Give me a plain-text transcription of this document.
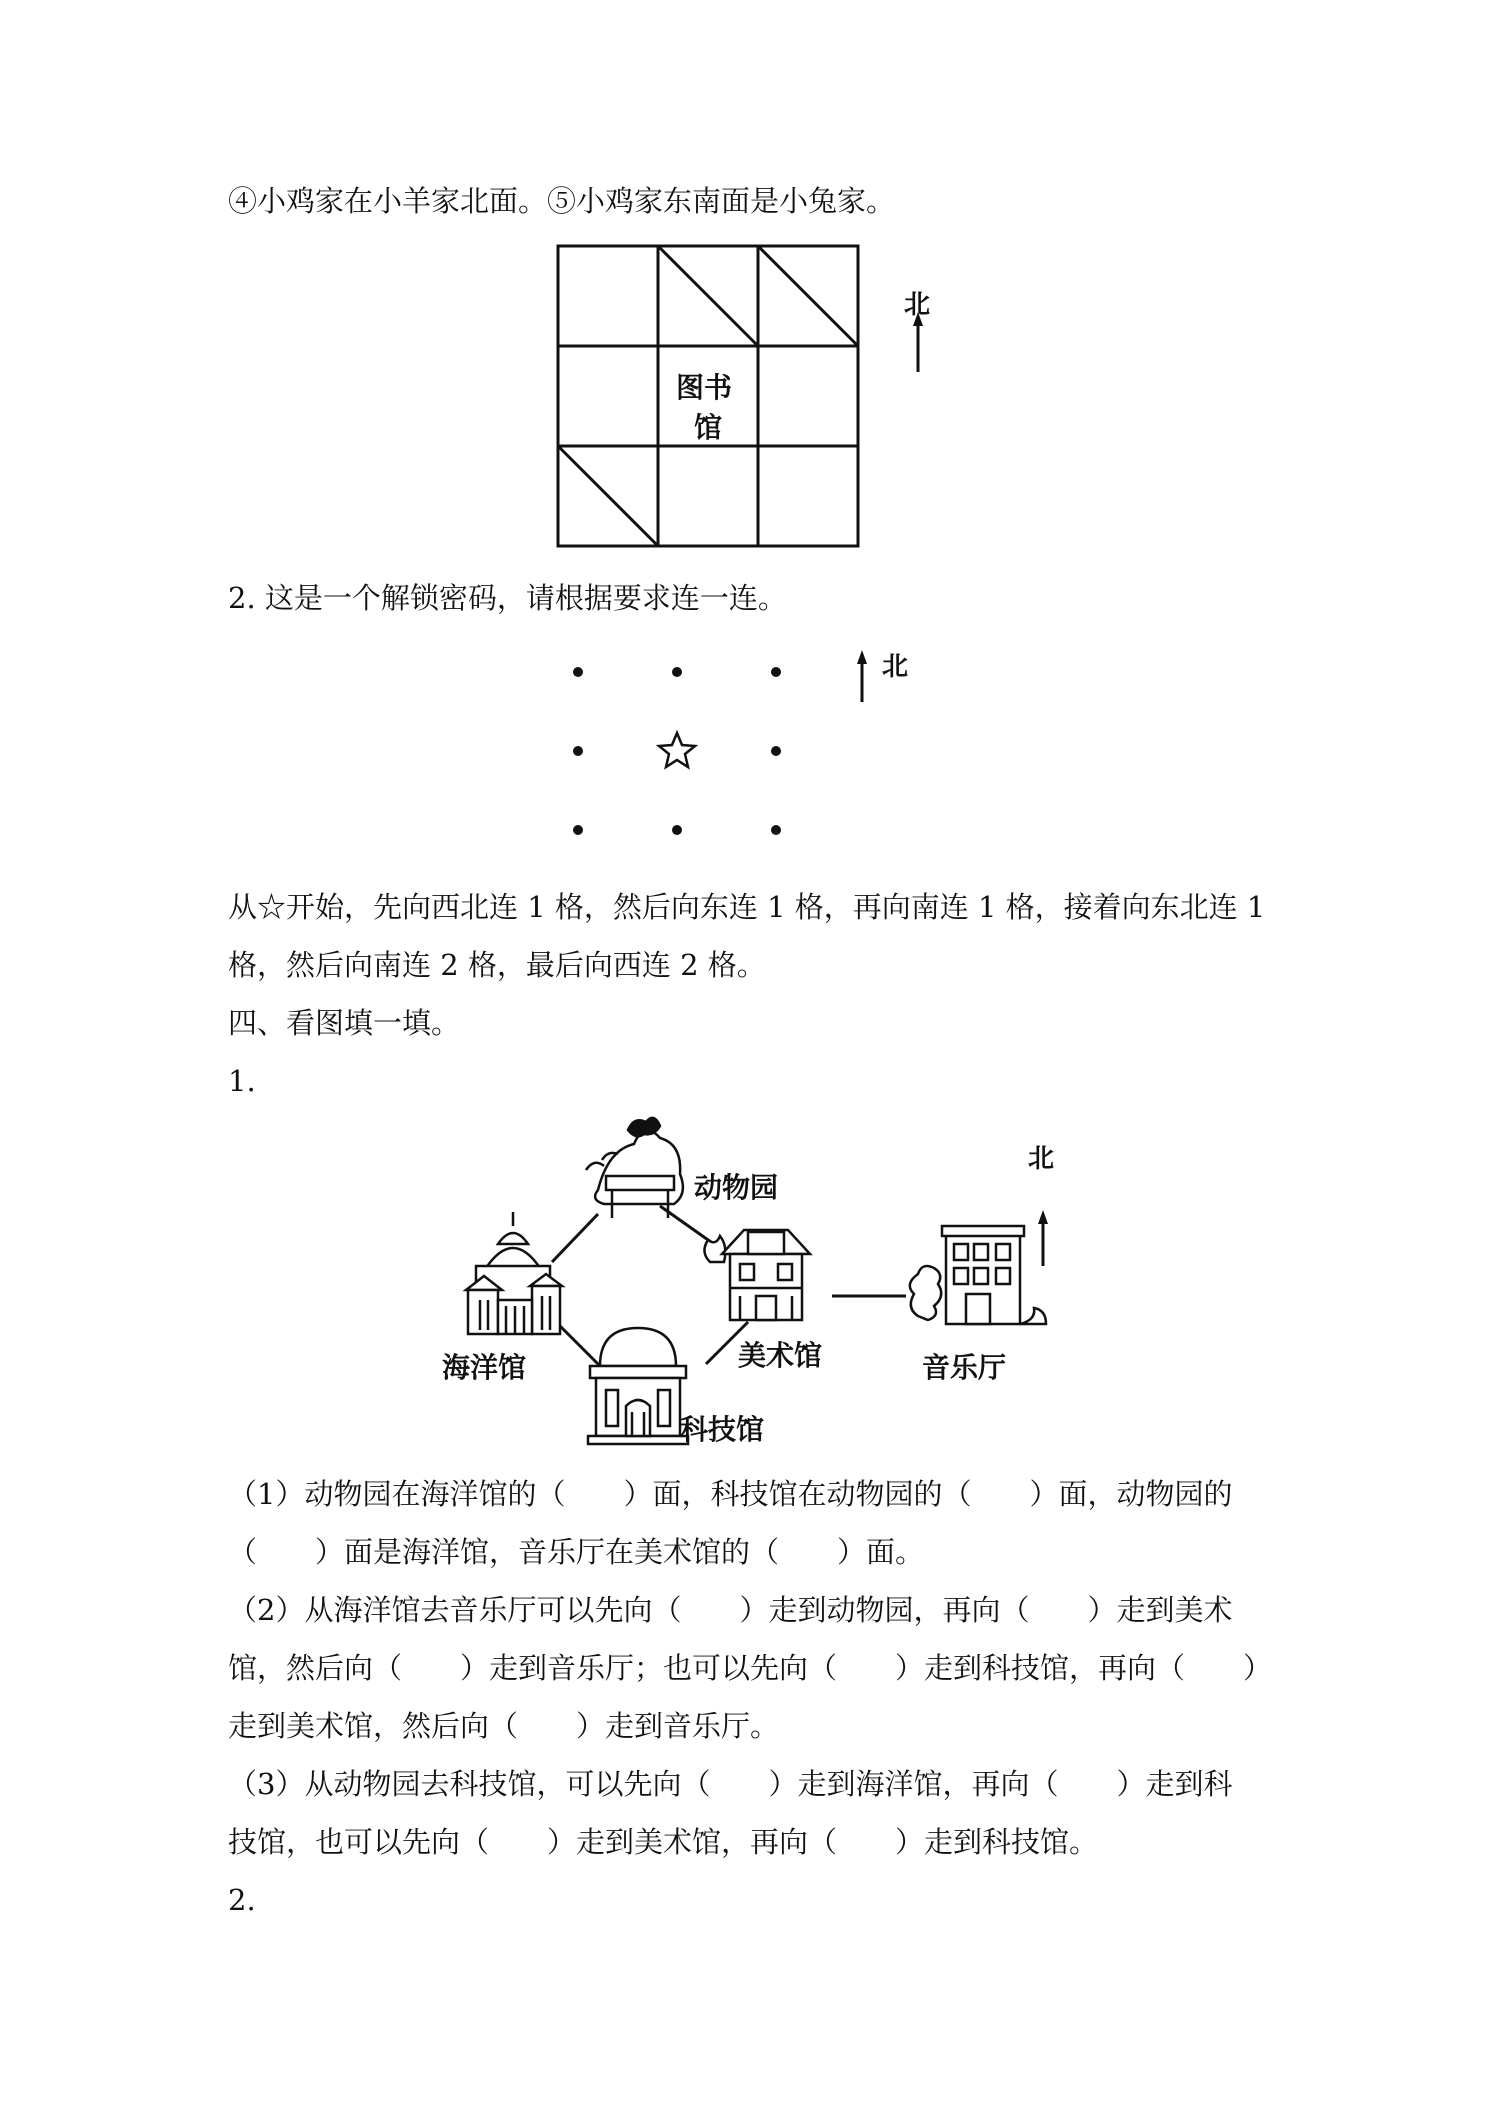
④小鸡家在小羊家北面。⑤小鸡家东南面是小兔家。
图书
馆
北
2. 这是一个解锁密码，请根据要求连一连。
北
从☆开始，先向西北连 1 格，然后向东连 1 格，再向南连 1 格，接着向东北连 1
格，然后向南连 2 格，最后向西连 2 格。
四、看图填一填。
1.
北
动物园
海洋馆	美术馆	音乐厅
科技馆
（1）动物园在海洋馆的（　　）面，科技馆在动物园的（　　）面，动物园的
（　　）面是海洋馆，音乐厅在美术馆的（　　）面。
（2）从海洋馆去音乐厅可以先向（　　）走到动物园，再向（　　）走到美术
馆，然后向（　　）走到音乐厅；也可以先向（　　）走到科技馆，再向（　　）
走到美术馆，然后向（　　）走到音乐厅。
（3）从动物园去科技馆，可以先向（　　）走到海洋馆，再向（　　）走到科
技馆，也可以先向（　　）走到美术馆，再向（　　）走到科技馆。
2.
